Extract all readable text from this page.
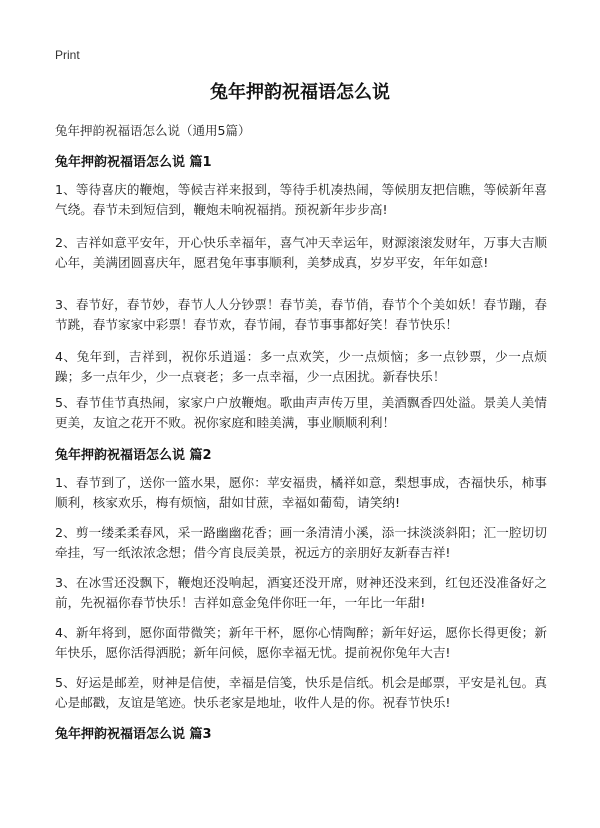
Print
兔年押韵祝福语怎么说

兔年押韵祝福语怎么说（通用5篇）

兔年押韵祝福语怎么说 篇1

1、等待喜庆的鞭炮，等候吉祥来报到，等待手机凑热闹，等候朋友把信瞧，等候新年喜气绕。春节未到短信到，鞭炮未响祝福捎。预祝新年步步高!

2、吉祥如意平安年，开心快乐幸福年，喜气冲天幸运年，财源滚滚发财年，万事大吉顺心年，美满团圆喜庆年，愿君兔年事事顺利，美梦成真，岁岁平安，年年如意!

3、春节好，春节妙，春节人人分钞票！春节美，春节俏，春节个个美如妖！春节蹦，春节跳，春节家家中彩票！春节欢，春节闹，春节事事都好笑！春节快乐！

4、兔年到，吉祥到，祝你乐逍遥：多一点欢笑，少一点烦恼；多一点钞票，少一点烦躁；多一点年少，少一点衰老；多一点幸福，少一点困扰。新春快乐！

5、春节佳节真热闹，家家户户放鞭炮。歌曲声声传万里，美酒飘香四处溢。景美人美情更美，友谊之花开不败。祝你家庭和睦美满，事业顺顺利利！

兔年押韵祝福语怎么说 篇2

1、春节到了，送你一篮水果，愿你：苹安福贵，橘祥如意，梨想事成，杏福快乐，柿事顺利，核家欢乐，梅有烦恼，甜如甘蔗，幸福如葡萄，请笑纳!

2、剪一缕柔柔春风，采一路幽幽花香；画一条清清小溪，添一抹淡淡斜阳；汇一腔切切牵挂，写一纸浓浓念想；借今宵良辰美景，祝远方的亲朋好友新春吉祥!

3、在冰雪还没飘下，鞭炮还没响起，酒宴还没开席，财神还没来到，红包还没准备好之前，先祝福你春节快乐！吉祥如意金兔伴你旺一年，一年比一年甜!

4、新年将到，愿你面带微笑；新年干杯，愿你心情陶醉；新年好运，愿你长得更俊；新年快乐，愿你活得洒脱；新年问候，愿你幸福无忧。提前祝你兔年大吉!

5、好运是邮差，财神是信使，幸福是信笺，快乐是信纸。机会是邮票，平安是礼包。真心是邮戳，友谊是笔迹。快乐老家是地址，收件人是的你。祝春节快乐!

兔年押韵祝福语怎么说 篇3
